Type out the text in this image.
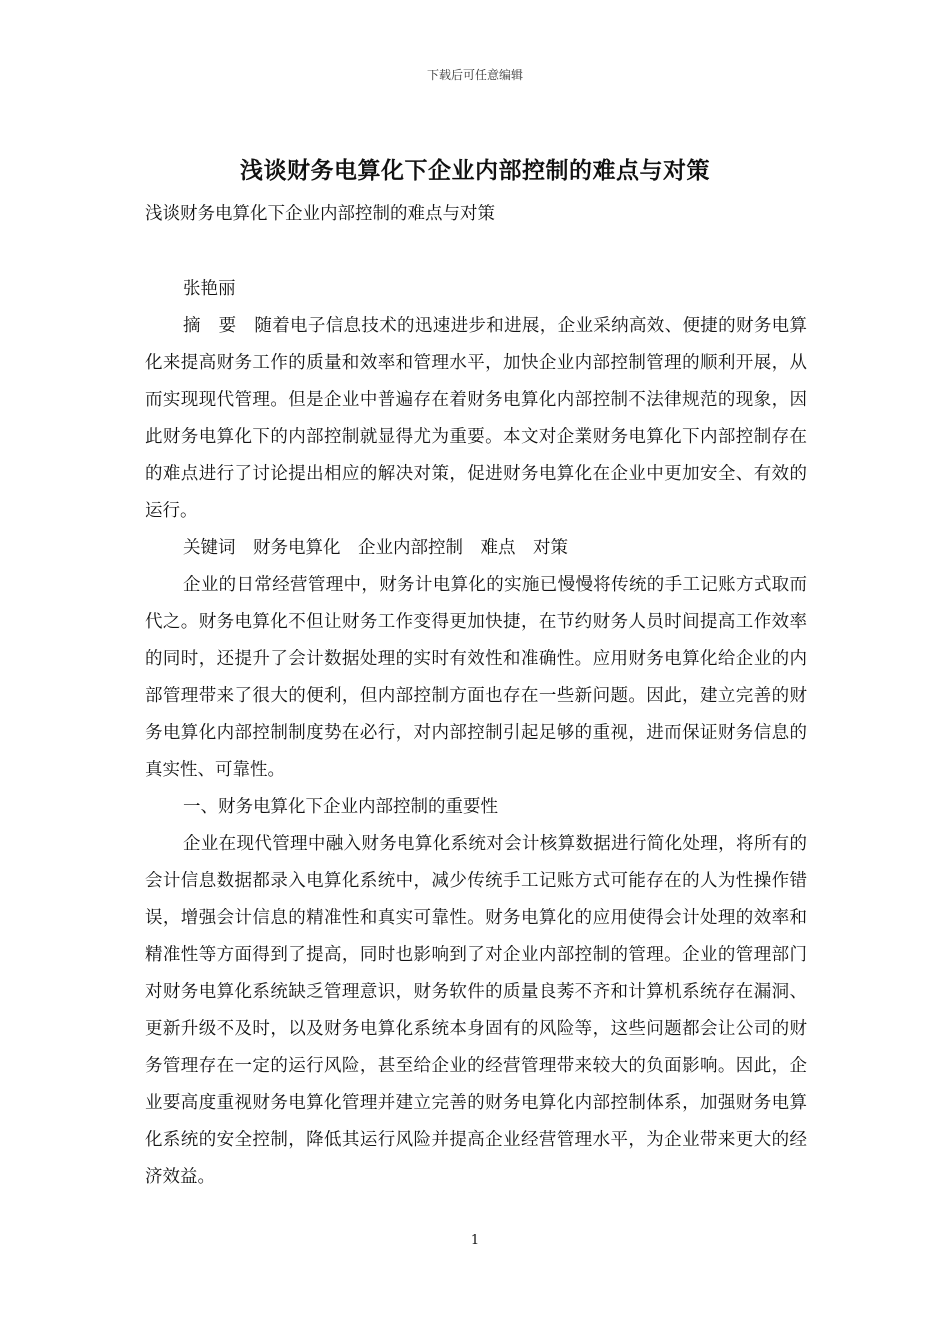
下载后可任意编辑
浅谈财务电算化下企业内部控制的难点与对策

浅谈财务电算化下企业内部控制的难点与对策

张艳丽

摘　要　随着电子信息技术的迅速进步和进展，企业采纳高效、便捷的财务电算化来提高财务工作的质量和效率和管理水平，加快企业内部控制管理的顺利开展，从而实现现代管理。但是企业中普遍存在着财务电算化内部控制不法律规范的现象，因此财务电算化下的内部控制就显得尤为重要。本文对企業财务电算化下内部控制存在的难点进行了讨论提出相应的解决对策，促进财务电算化在企业中更加安全、有效的运行。

关键词　财务电算化　企业内部控制　难点　对策

企业的日常经营管理中，财务计电算化的实施已慢慢将传统的手工记账方式取而代之。财务电算化不但让财务工作变得更加快捷，在节约财务人员时间提高工作效率的同时，还提升了会计数据处理的实时有效性和准确性。应用财务电算化给企业的内部管理带来了很大的便利，但内部控制方面也存在一些新问题。因此，建立完善的财务电算化内部控制制度势在必行，对内部控制引起足够的重视，进而保证财务信息的真实性、可靠性。

一、财务电算化下企业内部控制的重要性

企业在现代管理中融入财务电算化系统对会计核算数据进行简化处理，将所有的会计信息数据都录入电算化系统中，减少传统手工记账方式可能存在的人为性操作错误，增强会计信息的精准性和真实可靠性。财务电算化的应用使得会计处理的效率和精准性等方面得到了提高，同时也影响到了对企业内部控制的管理。企业的管理部门对财务电算化系统缺乏管理意识，财务软件的质量良莠不齐和计算机系统存在漏洞、更新升级不及时，以及财务电算化系统本身固有的风险等，这些问题都会让公司的财务管理存在一定的运行风险，甚至给企业的经营管理带来较大的负面影响。因此，企业要高度重视财务电算化管理并建立完善的财务电算化内部控制体系，加强财务电算化系统的安全控制，降低其运行风险并提高企业经营管理水平，为企业带来更大的经济效益。

1
